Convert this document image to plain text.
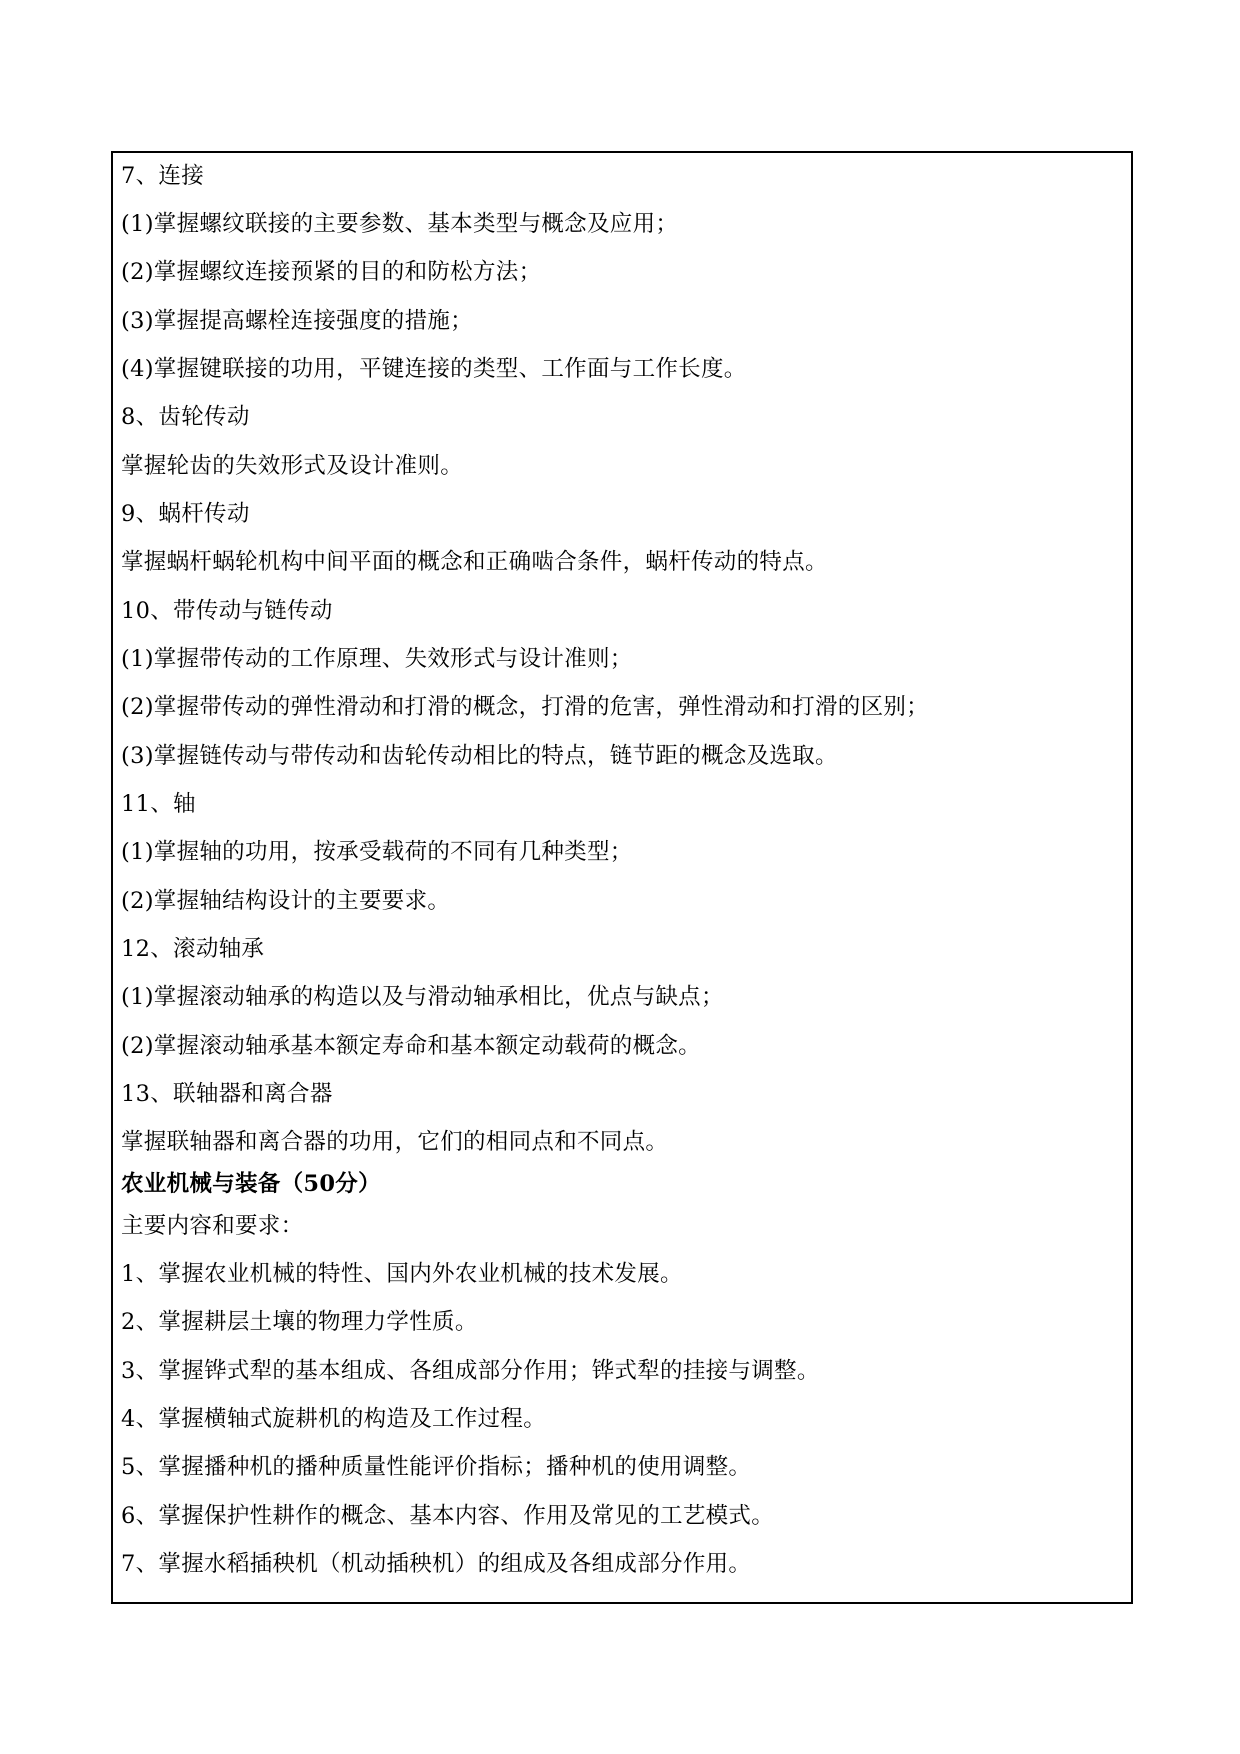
7、连接
(1)掌握螺纹联接的主要参数、基本类型与概念及应用；
(2)掌握螺纹连接预紧的目的和防松方法；
(3)掌握提高螺栓连接强度的措施；
(4)掌握键联接的功用，平键连接的类型、工作面与工作长度。
8、齿轮传动
掌握轮齿的失效形式及设计准则。
9、蜗杆传动
掌握蜗杆蜗轮机构中间平面的概念和正确啮合条件，蜗杆传动的特点。
10、带传动与链传动
(1)掌握带传动的工作原理、失效形式与设计准则；
(2)掌握带传动的弹性滑动和打滑的概念，打滑的危害，弹性滑动和打滑的区别；
(3)掌握链传动与带传动和齿轮传动相比的特点，链节距的概念及选取。
11、轴
(1)掌握轴的功用，按承受载荷的不同有几种类型；
(2)掌握轴结构设计的主要要求。
12、滚动轴承
(1)掌握滚动轴承的构造以及与滑动轴承相比，优点与缺点；
(2)掌握滚动轴承基本额定寿命和基本额定动载荷的概念。
13、联轴器和离合器
掌握联轴器和离合器的功用，它们的相同点和不同点。
农业机械与装备（50分）
主要内容和要求：
1、掌握农业机械的特性、国内外农业机械的技术发展。
2、掌握耕层土壤的物理力学性质。
3、掌握铧式犁的基本组成、各组成部分作用；铧式犁的挂接与调整。
4、掌握横轴式旋耕机的构造及工作过程。
5、掌握播种机的播种质量性能评价指标；播种机的使用调整。
6、掌握保护性耕作的概念、基本内容、作用及常见的工艺模式。
7、掌握水稻插秧机（机动插秧机）的组成及各组成部分作用。
